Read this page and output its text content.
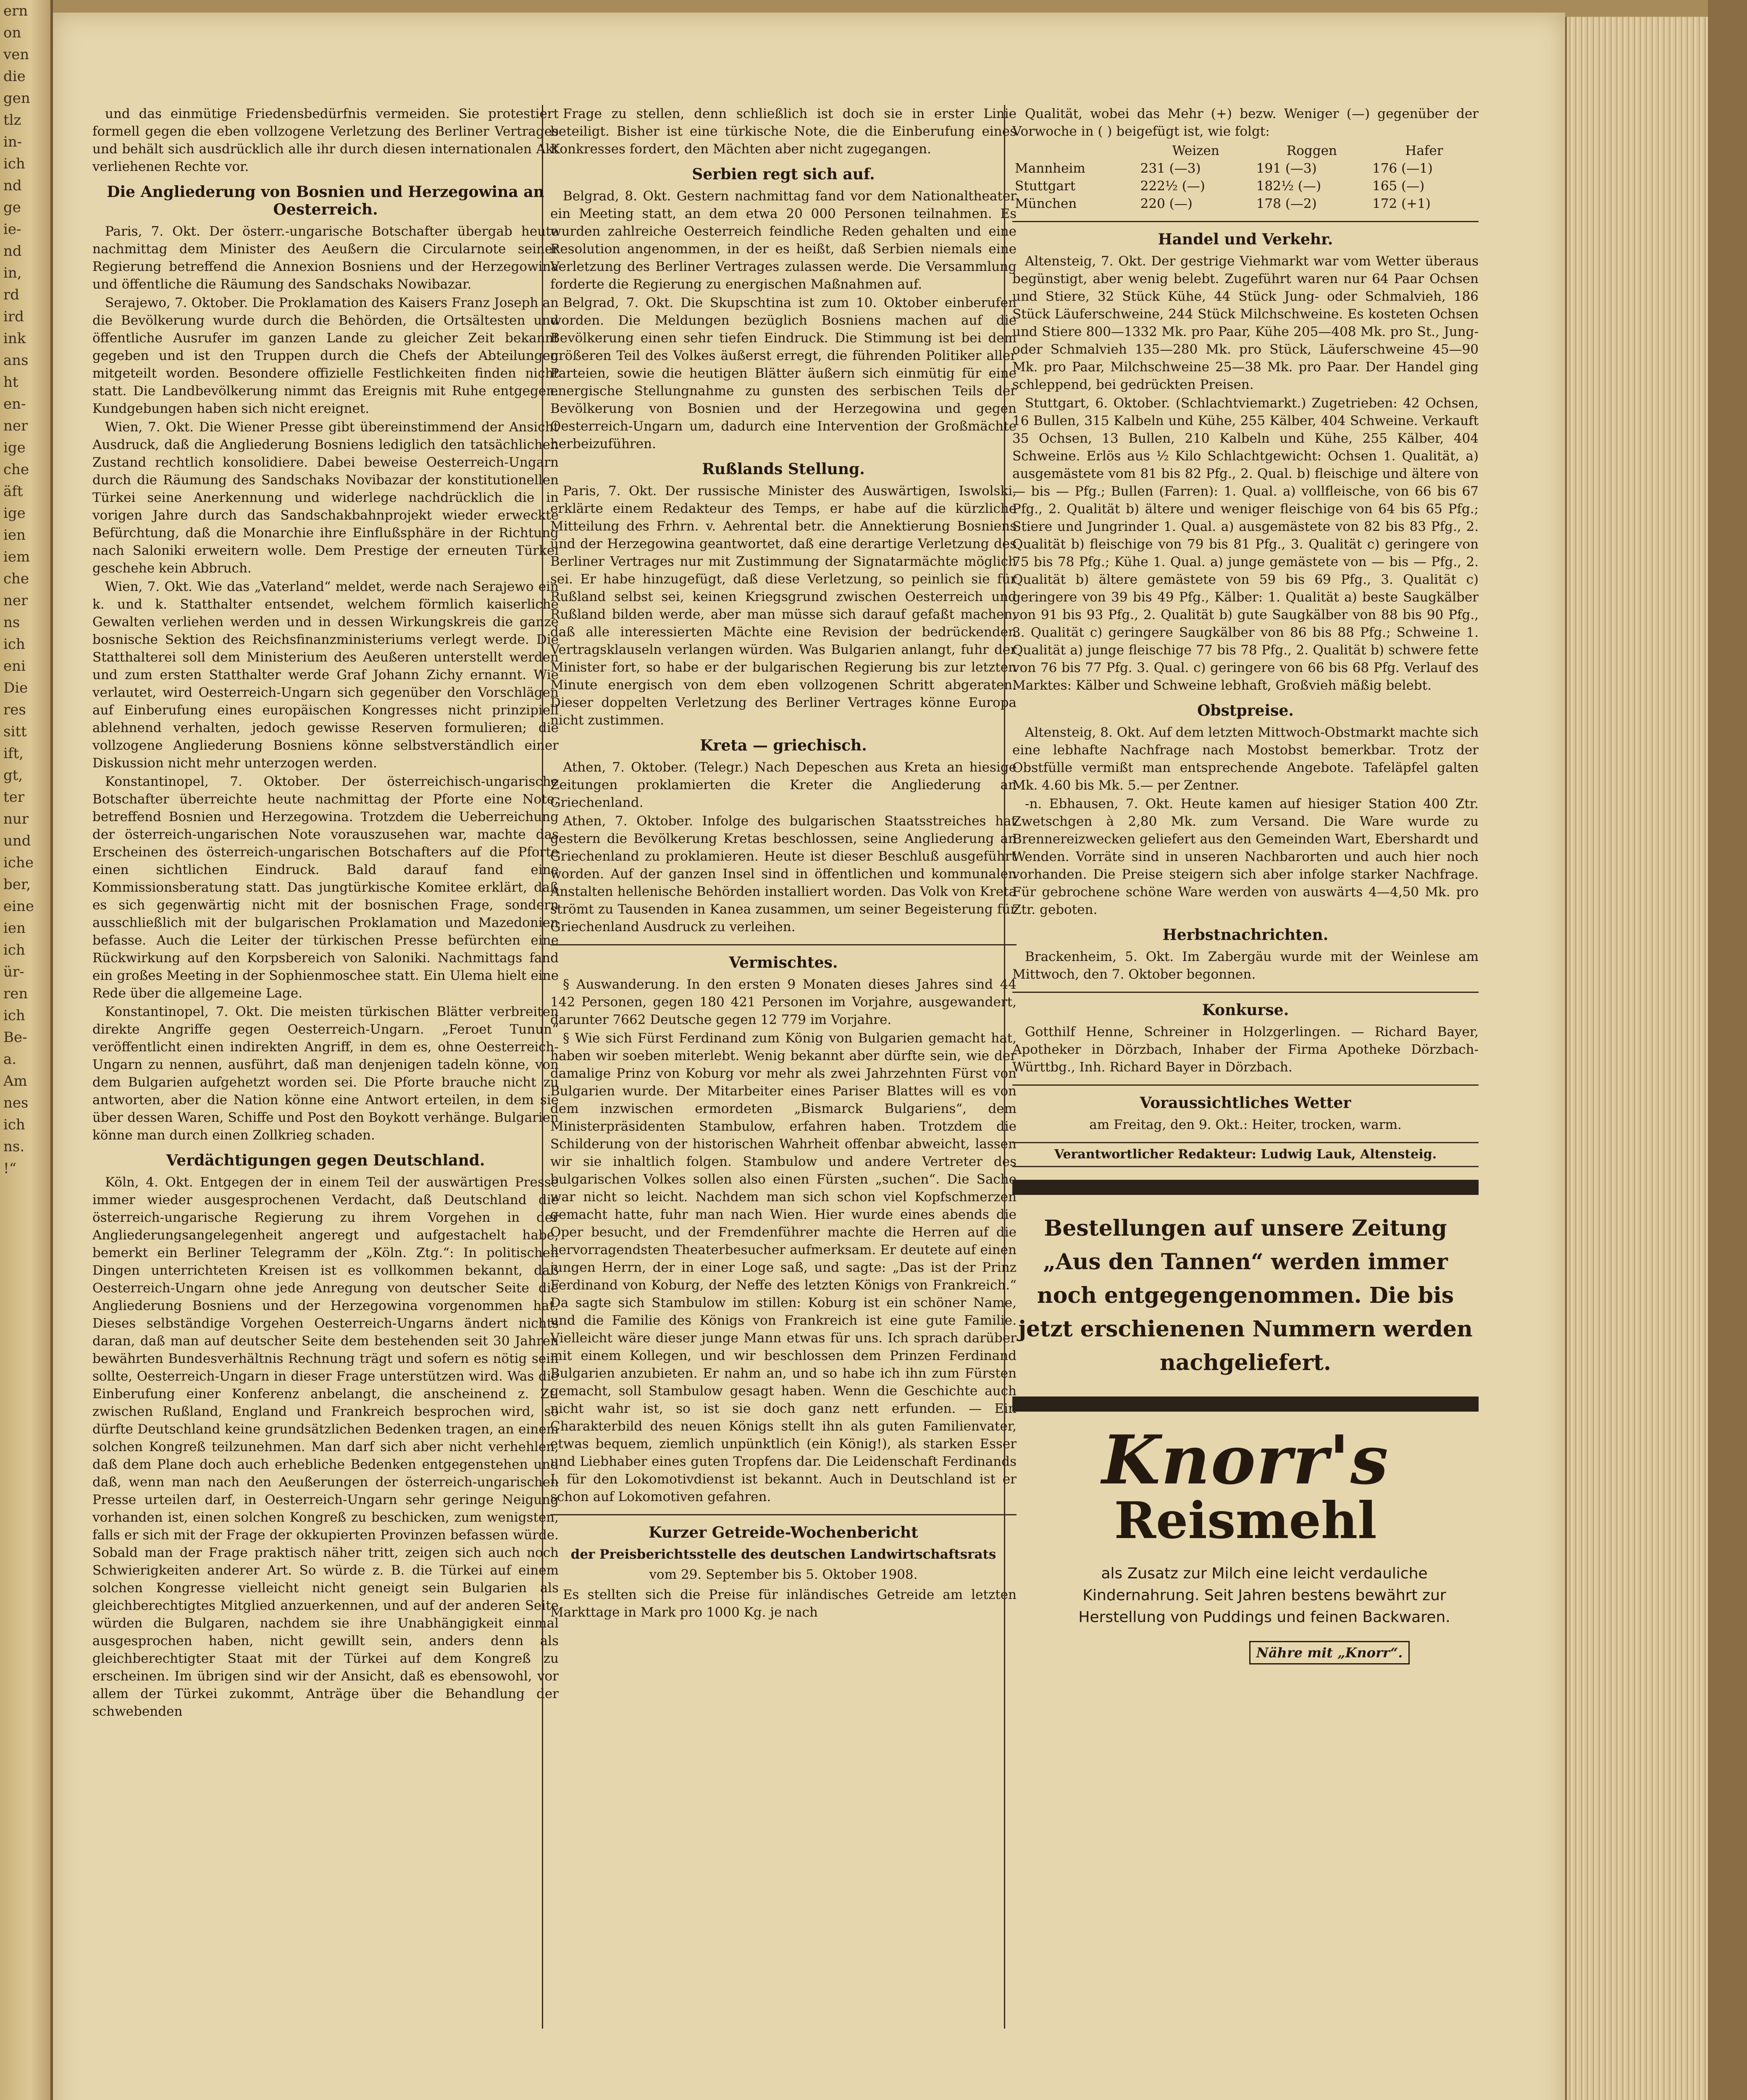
ern
on
ven
die
gen
tlz
in-
ich
nd
ge
ie-
nd
in,
rd
ird
ink
ans
ht
en-
ner
ige
che
äft
ige
ien
iem
che
ner
ns
ich
eni
Die
res
sitt
ift,
gt,
ter
nur
und
iche
ber,
eine
ien
ich
ür-
ren
ich
Be-
a.
Am
nes
ich
ns.
!“

und das einmütige Friedensbedürfnis vermeiden. Sie protestiert formell gegen die eben vollzogene Verletzung des Berliner Vertrages und behält sich ausdrücklich alle ihr durch diesen internationalen Akt verliehenen Rechte vor.

Die Angliederung von Bosnien und Herzegowina an Oesterreich.

Paris, 7. Okt. Der österr.-ungarische Botschafter übergab heute nachmittag dem Minister des Aeußern die Circularnote seiner Regierung betreffend die Annexion Bosniens und der Herzegowina und öffentliche die Räumung des Sandschaks Nowibazar.

Serajewo, 7. Oktober. Die Proklamation des Kaisers Franz Joseph an die Bevölkerung wurde durch die Behörden, die Ortsältesten und öffentliche Ausrufer im ganzen Lande zu gleicher Zeit bekannt gegeben und ist den Truppen durch die Chefs der Abteilungen mitgeteilt worden. Besondere offizielle Festlichkeiten finden nicht statt. Die Landbevölkerung nimmt das Ereignis mit Ruhe entgegen. Kundgebungen haben sich nicht ereignet.

Wien, 7. Okt. Die Wiener Presse gibt übereinstimmend der Ansicht Ausdruck, daß die Angliederung Bosniens lediglich den tatsächlichen Zustand rechtlich konsolidiere. Dabei beweise Oesterreich-Ungarn durch die Räumung des Sandschaks Novibazar der konstitutionellen Türkei seine Anerkennung und widerlege nachdrücklich die in vorigen Jahre durch das Sandschakbahnprojekt wieder erweckte Befürchtung, daß die Monarchie ihre Einflußsphäre in der Richtung nach Saloniki erweitern wolle. Dem Prestige der erneuten Türkei geschehe kein Abbruch.

Wien, 7. Okt. Wie das „Vaterland“ meldet, werde nach Serajewo ein k. und k. Statthalter entsendet, welchem förmlich kaiserliche Gewalten verliehen werden und in dessen Wirkungskreis die ganze bosnische Sektion des Reichsfinanzministeriums verlegt werde. Die Statthalterei soll dem Ministerium des Aeußeren unterstellt werden und zum ersten Statthalter werde Graf Johann Zichy ernannt. Wie verlautet, wird Oesterreich-Ungarn sich gegenüber den Vorschlägen auf Einberufung eines europäischen Kongresses nicht prinzipiell ablehnend verhalten, jedoch gewisse Reserven formulieren; die vollzogene Angliederung Bosniens könne selbstverständlich einer Diskussion nicht mehr unterzogen werden.

Konstantinopel, 7. Oktober. Der österreichisch-ungarische Botschafter überreichte heute nachmittag der Pforte eine Note, betreffend Bosnien und Herzegowina. Trotzdem die Ueberreichung der österreich-ungarischen Note vorauszusehen war, machte das Erscheinen des österreich-ungarischen Botschafters auf die Pforte einen sichtlichen Eindruck. Bald darauf fand eine Kommissionsberatung statt. Das jungtürkische Komitee erklärt, daß es sich gegenwärtig nicht mit der bosnischen Frage, sondern ausschließlich mit der bulgarischen Proklamation und Mazedonien befasse. Auch die Leiter der türkischen Presse befürchten eine Rückwirkung auf den Korpsbereich von Saloniki. Nachmittags fand ein großes Meeting in der Sophienmoschee statt. Ein Ulema hielt eine Rede über die allgemeine Lage.

Konstantinopel, 7. Okt. Die meisten türkischen Blätter verbreiten direkte Angriffe gegen Oesterreich-Ungarn. „Feroet Tunun“ veröffentlicht einen indirekten Angriff, in dem es, ohne Oesterreich-Ungarn zu nennen, ausführt, daß man denjenigen tadeln könne, von dem Bulgarien aufgehetzt worden sei. Die Pforte brauche nicht zu antworten, aber die Nation könne eine Antwort erteilen, in dem sie über dessen Waren, Schiffe und Post den Boykott verhänge. Bulgarien könne man durch einen Zollkrieg schaden.

Verdächtigungen gegen Deutschland.

Köln, 4. Okt. Entgegen der in einem Teil der auswärtigen Presse immer wieder ausgesprochenen Verdacht, daß Deutschland die österreich-ungarische Regierung zu ihrem Vorgehen in der Angliederungsangelegenheit angeregt und aufgestachelt habe, bemerkt ein Berliner Telegramm der „Köln. Ztg.“: In politischen Dingen unterrichteten Kreisen ist es vollkommen bekannt, daß Oesterreich-Ungarn ohne jede Anregung von deutscher Seite die Angliederung Bosniens und der Herzegowina vorgenommen hat. Dieses selbständige Vorgehen Oesterreich-Ungarns ändert nichts daran, daß man auf deutscher Seite dem bestehenden seit 30 Jahren bewährten Bundesverhältnis Rechnung trägt und sofern es nötig sein sollte, Oesterreich-Ungarn in dieser Frage unterstützen wird. Was die Einberufung einer Konferenz anbelangt, die anscheinend z. Zt. zwischen Rußland, England und Frankreich besprochen wird, so dürfte Deutschland keine grundsätzlichen Bedenken tragen, an einem solchen Kongreß teilzunehmen. Man darf sich aber nicht verhehlen, daß dem Plane doch auch erhebliche Bedenken entgegenstehen und daß, wenn man nach den Aeußerungen der österreich-ungarischen Presse urteilen darf, in Oesterreich-Ungarn sehr geringe Neigung vorhanden ist, einen solchen Kongreß zu beschicken, zum wenigsten, falls er sich mit der Frage der okkupierten Provinzen befassen würde. Sobald man der Frage praktisch näher tritt, zeigen sich auch noch Schwierigkeiten anderer Art. So würde z. B. die Türkei auf einem solchen Kongresse vielleicht nicht geneigt sein Bulgarien als gleichberechtigtes Mitglied anzuerkennen, und auf der anderen Seite würden die Bulgaren, nachdem sie ihre Unabhängigkeit einmal ausgesprochen haben, nicht gewillt sein, anders denn als gleichberechtigter Staat mit der Türkei auf dem Kongreß zu erscheinen. Im übrigen sind wir der Ansicht, daß es ebensowohl, vor allem der Türkei zukommt, Anträge über die Behandlung der schwebenden

Frage zu stellen, denn schließlich ist doch sie in erster Linie beteiligt. Bisher ist eine türkische Note, die die Einberufung eines Konkresses fordert, den Mächten aber nicht zugegangen.

Serbien regt sich auf.

Belgrad, 8. Okt. Gestern nachmittag fand vor dem Nationaltheater ein Meeting statt, an dem etwa 20 000 Personen teilnahmen. Es wurden zahlreiche Oesterreich feindliche Reden gehalten und eine Resolution angenommen, in der es heißt, daß Serbien niemals eine Verletzung des Berliner Vertrages zulassen werde. Die Versammlung forderte die Regierung zu energischen Maßnahmen auf.

Belgrad, 7. Okt. Die Skupschtina ist zum 10. Oktober einberufen worden. Die Meldungen bezüglich Bosniens machen auf die Bevölkerung einen sehr tiefen Eindruck. Die Stimmung ist bei dem größeren Teil des Volkes äußerst erregt, die führenden Politiker aller Parteien, sowie die heutigen Blätter äußern sich einmütig für eine energische Stellungnahme zu gunsten des serbischen Teils der Bevölkerung von Bosnien und der Herzegowina und gegen Oesterreich-Ungarn um, dadurch eine Intervention der Großmächte herbeizuführen.

Rußlands Stellung.

Paris, 7. Okt. Der russische Minister des Auswärtigen, Iswolski, erklärte einem Redakteur des Temps, er habe auf die kürzliche Mitteilung des Frhrn. v. Aehrental betr. die Annektierung Bosniens und der Herzegowina geantwortet, daß eine derartige Verletzung des Berliner Vertrages nur mit Zustimmung der Signatarmächte möglich sei. Er habe hinzugefügt, daß diese Verletzung, so peinlich sie für Rußland selbst sei, keinen Kriegsgrund zwischen Oesterreich und Rußland bilden werde, aber man müsse sich darauf gefaßt machen, daß alle interessierten Mächte eine Revision der bedrückenden Vertragsklauseln verlangen würden. Was Bulgarien anlangt, fuhr der Minister fort, so habe er der bulgarischen Regierung bis zur letzten Minute energisch von dem eben vollzogenen Schritt abgeraten. Dieser doppelten Verletzung des Berliner Vertrages könne Europa nicht zustimmen.

Kreta — griechisch.

Athen, 7. Oktober. (Telegr.) Nach Depeschen aus Kreta an hiesige Zeitungen proklamierten die Kreter die Angliederung an Griechenland.

Athen, 7. Oktober. Infolge des bulgarischen Staatsstreiches hat gestern die Bevölkerung Kretas beschlossen, seine Angliederung an Griechenland zu proklamieren. Heute ist dieser Beschluß ausgeführt worden. Auf der ganzen Insel sind in öffentlichen und kommunalen Anstalten hellenische Behörden installiert worden. Das Volk von Kreta strömt zu Tausenden in Kanea zusammen, um seiner Begeisterung für Griechenland Ausdruck zu verleihen.

Vermischtes.

§ Auswanderung. In den ersten 9 Monaten dieses Jahres sind 44 142 Personen, gegen 180 421 Personen im Vorjahre, ausgewandert, darunter 7662 Deutsche gegen 12 779 im Vorjahre.

§ Wie sich Fürst Ferdinand zum König von Bulgarien gemacht hat, haben wir soeben miterlebt. Wenig bekannt aber dürfte sein, wie der damalige Prinz von Koburg vor mehr als zwei Jahrzehnten Fürst von Bulgarien wurde. Der Mitarbeiter eines Pariser Blattes will es von dem inzwischen ermordeten „Bismarck Bulgariens“, dem Ministerpräsidenten Stambulow, erfahren haben. Trotzdem die Schilderung von der historischen Wahrheit offenbar abweicht, lassen wir sie inhaltlich folgen. Stambulow und andere Vertreter des bulgarischen Volkes sollen also einen Fürsten „suchen“. Die Sache war nicht so leicht. Nachdem man sich schon viel Kopfschmerzen gemacht hatte, fuhr man nach Wien. Hier wurde eines abends die Oper besucht, und der Fremdenführer machte die Herren auf die hervorragendsten Theaterbesucher aufmerksam. Er deutete auf einen jungen Herrn, der in einer Loge saß, und sagte: „Das ist der Prinz Ferdinand von Koburg, der Neffe des letzten Königs von Frankreich.“ Da sagte sich Stambulow im stillen: Koburg ist ein schöner Name, und die Familie des Königs von Frankreich ist eine gute Familie. Vielleicht wäre dieser junge Mann etwas für uns. Ich sprach darüber mit einem Kollegen, und wir beschlossen dem Prinzen Ferdinand Bulgarien anzubieten. Er nahm an, und so habe ich ihn zum Fürsten gemacht, soll Stambulow gesagt haben. Wenn die Geschichte auch nicht wahr ist, so ist sie doch ganz nett erfunden. — Ein Charakterbild des neuen Königs stellt ihn als guten Familienvater, etwas bequem, ziemlich unpünktlich (ein König!), als starken Esser und Liebhaber eines guten Tropfens dar. Die Leidenschaft Ferdinands I. für den Lokomotivdienst ist bekannt. Auch in Deutschland ist er schon auf Lokomotiven gefahren.

Kurzer Getreide-Wochenbericht
der Preisberichtsstelle des deutschen Landwirtschaftsrats
vom 29. September bis 5. Oktober 1908.

Es stellten sich die Preise für inländisches Getreide am letzten Markttage in Mark pro 1000 Kg. je nach

Qualität, wobei das Mehr (+) bezw. Weniger (—) gegenüber der Vorwoche in ( ) beigefügt ist, wie folgt:

	Weizen	Roggen	Hafer
Mannheim	231 (—3)	191 (—3)	176 (—1)
Stuttgart	222½ (—)	182½ (—)	165 (—)
München	220 (—)	178 (—2)	172 (+1)
Handel und Verkehr.

Altensteig, 7. Okt. Der gestrige Viehmarkt war vom Wetter überaus begünstigt, aber wenig belebt. Zugeführt waren nur 64 Paar Ochsen und Stiere, 32 Stück Kühe, 44 Stück Jung- oder Schmalvieh, 186 Stück Läuferschweine, 244 Stück Milchschweine. Es kosteten Ochsen und Stiere 800—1332 Mk. pro Paar, Kühe 205—408 Mk. pro St., Jung- oder Schmalvieh 135—280 Mk. pro Stück, Läuferschweine 45—90 Mk. pro Paar, Milchschweine 25—38 Mk. pro Paar. Der Handel ging schleppend, bei gedrückten Preisen.

Stuttgart, 6. Oktober. (Schlachtviemarkt.) Zugetrieben: 42 Ochsen, 16 Bullen, 315 Kalbeln und Kühe, 255 Kälber, 404 Schweine. Verkauft 35 Ochsen, 13 Bullen, 210 Kalbeln und Kühe, 255 Kälber, 404 Schweine. Erlös aus ½ Kilo Schlachtgewicht: Ochsen 1. Qualität, a) ausgemästete vom 81 bis 82 Pfg., 2. Qual. b) fleischige und ältere von — bis — Pfg.; Bullen (Farren): 1. Qual. a) vollfleische, von 66 bis 67 Pfg., 2. Qualität b) ältere und weniger fleischige von 64 bis 65 Pfg.; Stiere und Jungrinder 1. Qual. a) ausgemästete von 82 bis 83 Pfg., 2. Qualität b) fleischige von 79 bis 81 Pfg., 3. Qualität c) geringere von 75 bis 78 Pfg.; Kühe 1. Qual. a) junge gemästete von — bis — Pfg., 2. Qualität b) ältere gemästete von 59 bis 69 Pfg., 3. Qualität c) geringere von 39 bis 49 Pfg., Kälber: 1. Qualität a) beste Saugkälber von 91 bis 93 Pfg., 2. Qualität b) gute Saugkälber von 88 bis 90 Pfg., 3. Qualität c) geringere Saugkälber von 86 bis 88 Pfg.; Schweine 1. Qualität a) junge fleischige 77 bis 78 Pfg., 2. Qualität b) schwere fette von 76 bis 77 Pfg. 3. Qual. c) geringere von 66 bis 68 Pfg. Verlauf des Marktes: Kälber und Schweine lebhaft, Großvieh mäßig belebt.

Obstpreise.

Altensteig, 8. Okt. Auf dem letzten Mittwoch-Obstmarkt machte sich eine lebhafte Nachfrage nach Mostobst bemerkbar. Trotz der Obstfülle vermißt man entsprechende Angebote. Tafeläpfel galten Mk. 4.60 bis Mk. 5.— per Zentner.

-n. Ebhausen, 7. Okt. Heute kamen auf hiesiger Station 400 Ztr. Zwetschgen à 2,80 Mk. zum Versand. Die Ware wurde zu Brennereizwecken geliefert aus den Gemeinden Wart, Ebershardt und Wenden. Vorräte sind in unseren Nachbarorten und auch hier noch vorhanden. Die Preise steigern sich aber infolge starker Nachfrage. Für gebrochene schöne Ware werden von auswärts 4—4,50 Mk. pro Ztr. geboten.

Herbstnachrichten.

Brackenheim, 5. Okt. Im Zabergäu wurde mit der Weinlese am Mittwoch, den 7. Oktober begonnen.

Konkurse.

Gotthilf Henne, Schreiner in Holzgerlingen. — Richard Bayer, Apotheker in Dörzbach, Inhaber der Firma Apotheke Dörzbach-Württbg., Inh. Richard Bayer in Dörzbach.

Voraussichtliches Wetter
am Freitag, den 9. Okt.: Heiter, trocken, warm.
Verantwortlicher Redakteur: Ludwig Lauk, Altensteig.
Bestellungen auf unsere Zeitung „Aus den Tannen“ werden immer noch entgegengenommen. Die bis jetzt erschienenen Nummern werden nachgeliefert.
Knorr's
Reismehl
als Zusatz zur Milch eine leicht verdauliche Kindernahrung. Seit Jahren bestens bewährt zur Herstellung von Puddings und feinen Backwaren.
Nähre mit „Knorr“.
